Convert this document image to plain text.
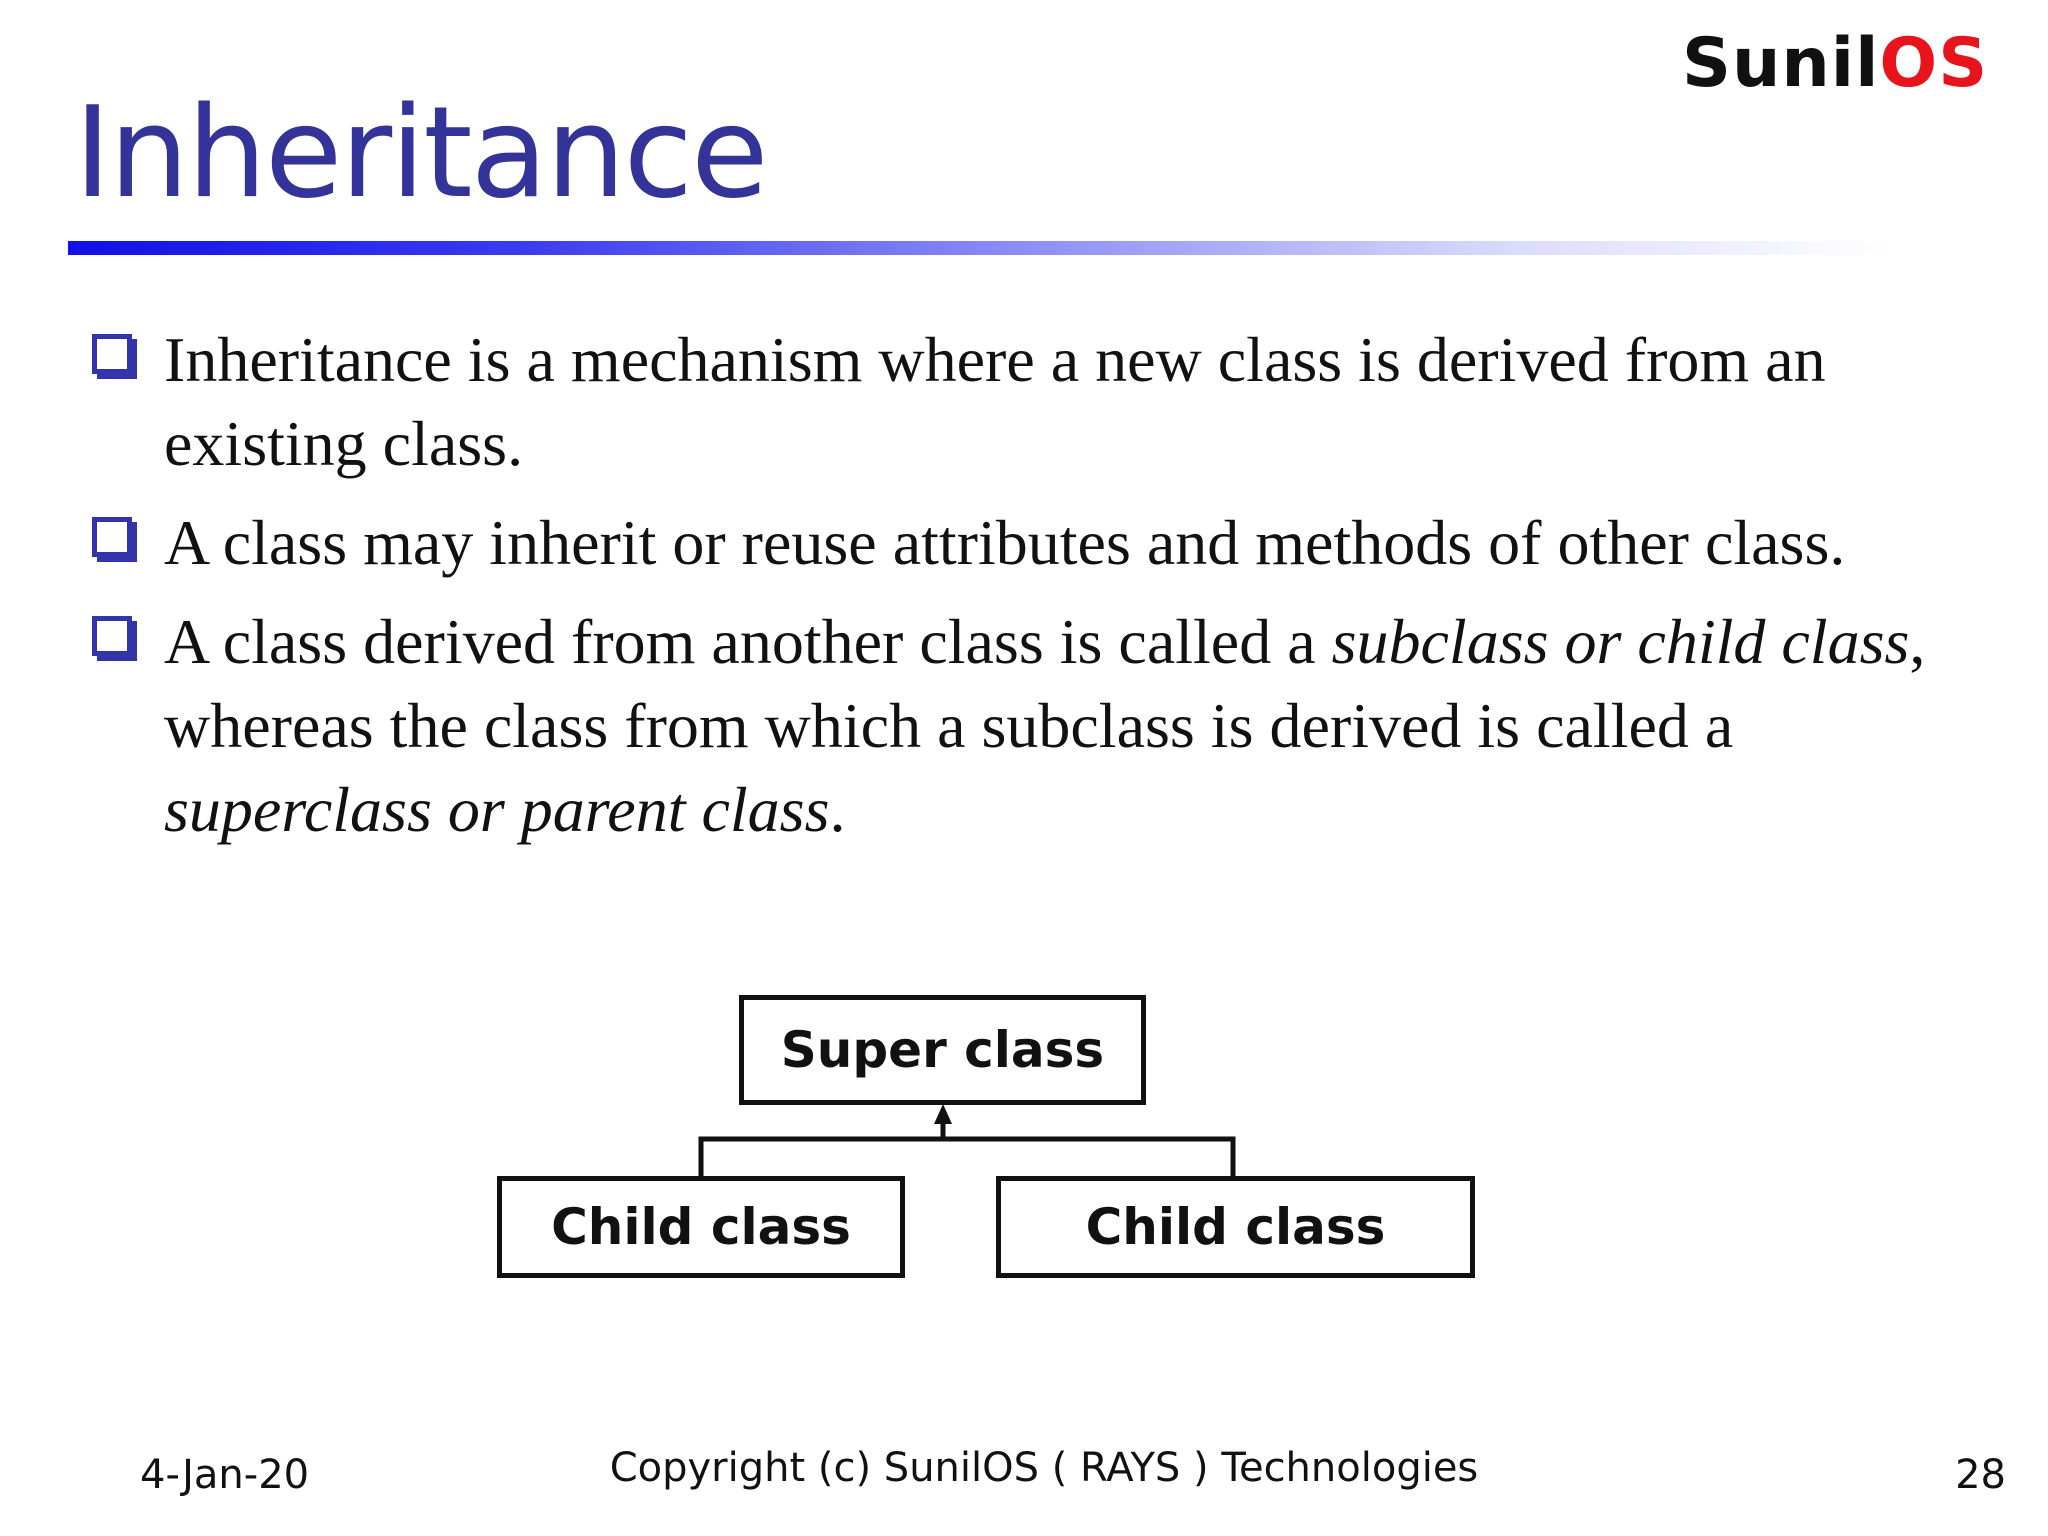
SunilOS
Inheritance
Inheritance is a mechanism where a new class is derived from an existing class.
A class may inherit or reuse attributes and methods of other class.
A class derived from another class is called a subclass or child class, whereas the class from which a subclass is derived is called a superclass or parent class.
Super class
Child class	Child class
4-Jan-20	Copyright (c) SunilOS ( RAYS ) Technologies	28
